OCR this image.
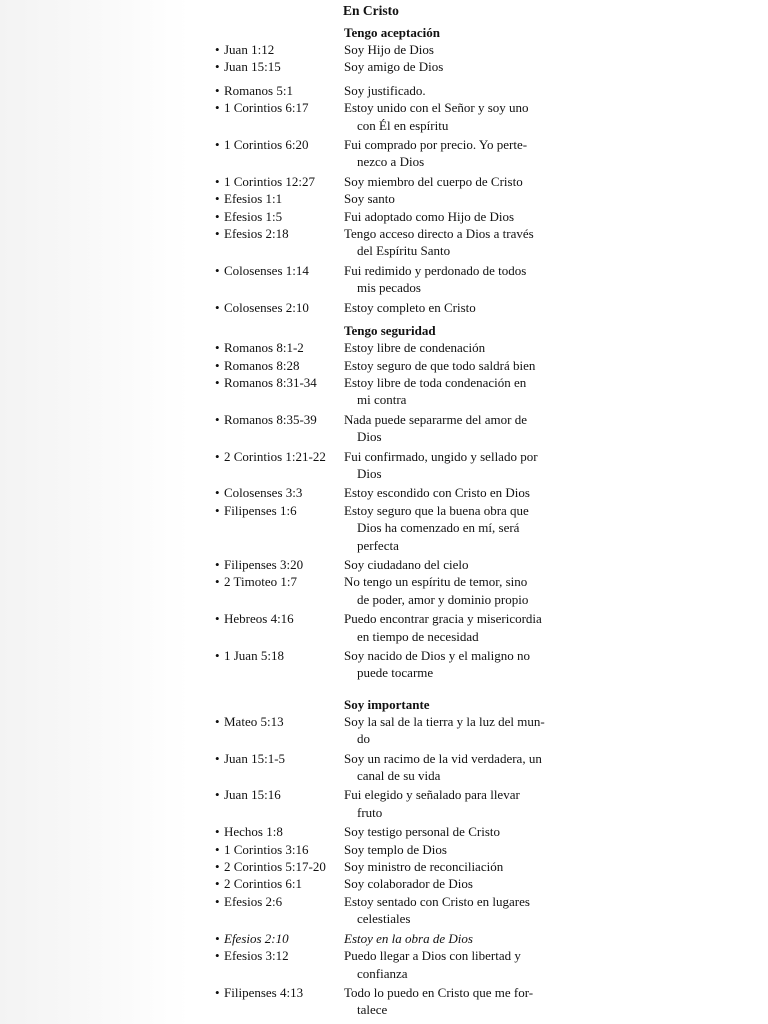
En Cristo
Tengo aceptación
• Juan 1:12	Soy Hijo de Dios
• Juan 15:15	Soy amigo de Dios
• Romanos 5:1	Soy justificado.
• 1 Corintios 6:17	Estoy unido con el Señor y soy uno
con Él en espíritu
• 1 Corintios 6:20	Fui comprado por precio. Yo perte-
nezco a Dios
• 1 Corintios 12:27	Soy miembro del cuerpo de Cristo
• Efesios 1:1	Soy santo
• Efesios 1:5	Fui adoptado como Hijo de Dios
• Efesios 2:18	Tengo acceso directo a Dios a través
del Espíritu Santo
• Colosenses 1:14	Fui redimido y perdonado de todos
mis pecados
• Colosenses 2:10	Estoy completo en Cristo
Tengo seguridad
• Romanos 8:1-2	Estoy libre de condenación
• Romanos 8:28	Estoy seguro de que todo saldrá bien
• Romanos 8:31-34	Estoy libre de toda condenación en
mi contra
• Romanos 8:35-39	Nada puede separarme del amor de
Dios
• 2 Corintios 1:21-22	Fui confirmado, ungido y sellado por
Dios
• Colosenses 3:3	Estoy escondido con Cristo en Dios
• Filipenses 1:6	Estoy seguro que la buena obra que
Dios ha comenzado en mí, será
perfecta
• Filipenses 3:20	Soy ciudadano del cielo
• 2 Timoteo 1:7	No tengo un espíritu de temor, sino
de poder, amor y dominio propio
• Hebreos 4:16	Puedo encontrar gracia y misericordia
en tiempo de necesidad
• 1 Juan 5:18	Soy nacido de Dios y el maligno no
puede tocarme
Soy importante
• Mateo 5:13	Soy la sal de la tierra y la luz del mun-
do
• Juan 15:1-5	Soy un racimo de la vid verdadera, un
canal de su vida
• Juan 15:16	Fui elegido y señalado para llevar
fruto
• Hechos 1:8	Soy testigo personal de Cristo
• 1 Corintios 3:16	Soy templo de Dios
• 2 Corintios 5:17-20	Soy ministro de reconciliación
• 2 Corintios 6:1	Soy colaborador de Dios
• Efesios 2:6	Estoy sentado con Cristo en lugares
celestiales
• Efesios 2:10	Estoy en la obra de Dios
• Efesios 3:12	Puedo llegar a Dios con libertad y
confianza
• Filipenses 4:13	Todo lo puedo en Cristo que me for-
talece
